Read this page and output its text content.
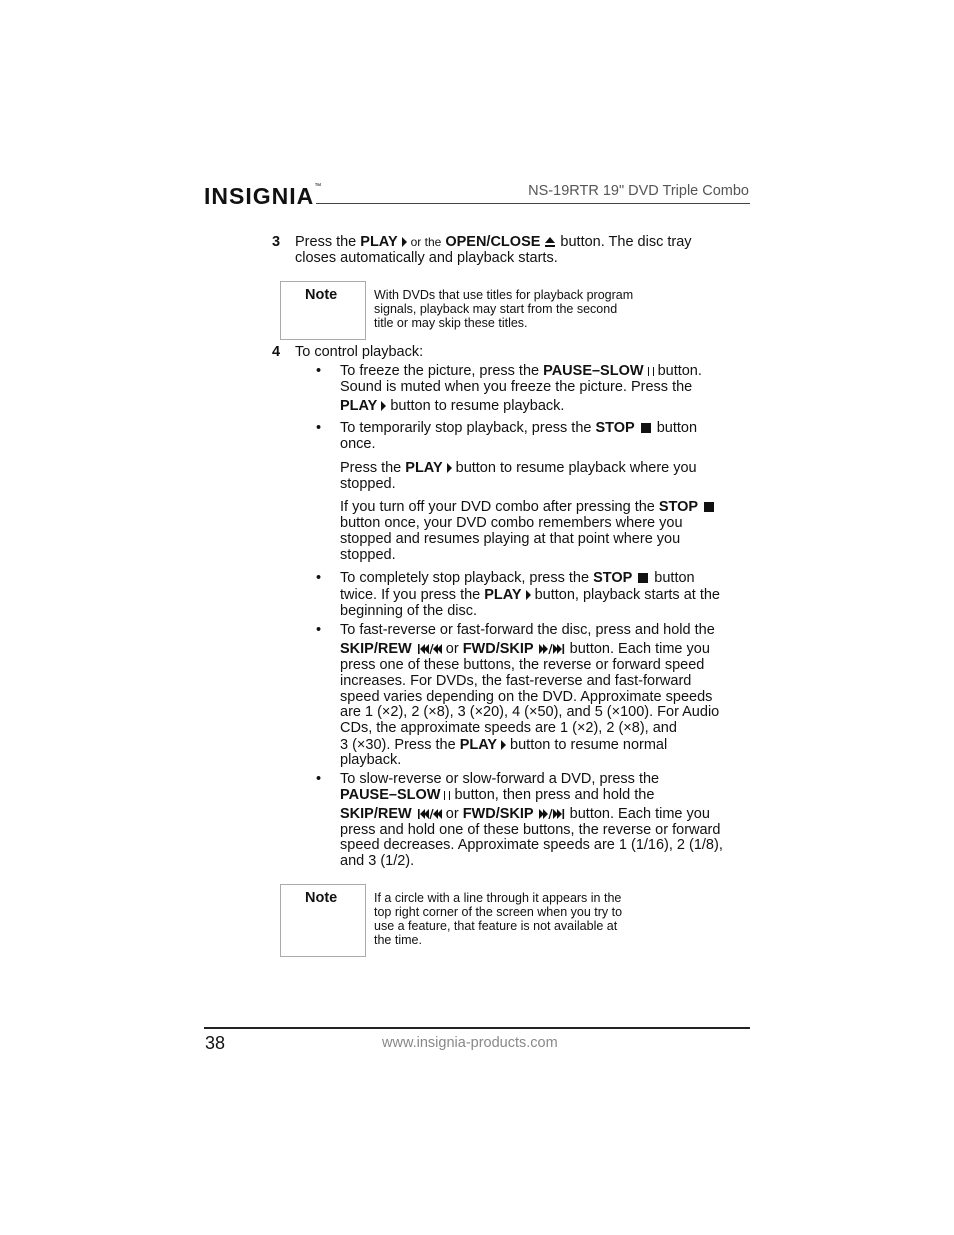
INSIGNIA™	NS-19RTR 19" DVD Triple Combo
3 Press the PLAY or the OPEN/CLOSE button. The disc tray
closes automatically and playback starts.
Note	With DVDs that use titles for playback program
signals, playback may start from the second
title or may skip these titles.
4 To control playback:
• To freeze the picture, press the PAUSE–SLOW button.
Sound is muted when you freeze the picture. Press the
PLAY button to resume playback.
• To temporarily stop playback, press the STOP button
once.
Press the PLAY button to resume playback where you
stopped.
If you turn off your DVD combo after pressing the STOP
button once, your DVD combo remembers where you
stopped and resumes playing at that point where you
stopped.
• To completely stop playback, press the STOP button
twice. If you press the PLAY button, playback starts at the
beginning of the disc.
• To fast-reverse or fast-forward the disc, press and hold the
SKIP/REW or FWD/SKIP button. Each time you
press one of these buttons, the reverse or forward speed
increases. For DVDs, the fast-reverse and fast-forward
speed varies depending on the DVD. Approximate speeds
are 1 (×2), 2 (×8), 3 (×20), 4 (×50), and 5 (×100). For Audio
CDs, the approximate speeds are 1 (×2), 2 (×8), and
3 (×30). Press the PLAY button to resume normal
playback.
• To slow-reverse or slow-forward a DVD, press the
PAUSE–SLOW button, then press and hold the
SKIP/REW or FWD/SKIP button. Each time you
press and hold one of these buttons, the reverse or forward
speed decreases. Approximate speeds are 1 (1/16), 2 (1/8),
and 3 (1/2).
Note	If a circle with a line through it appears in the
top right corner of the screen when you try to
use a feature, that feature is not available at
the time.
38	www.insignia-products.com
